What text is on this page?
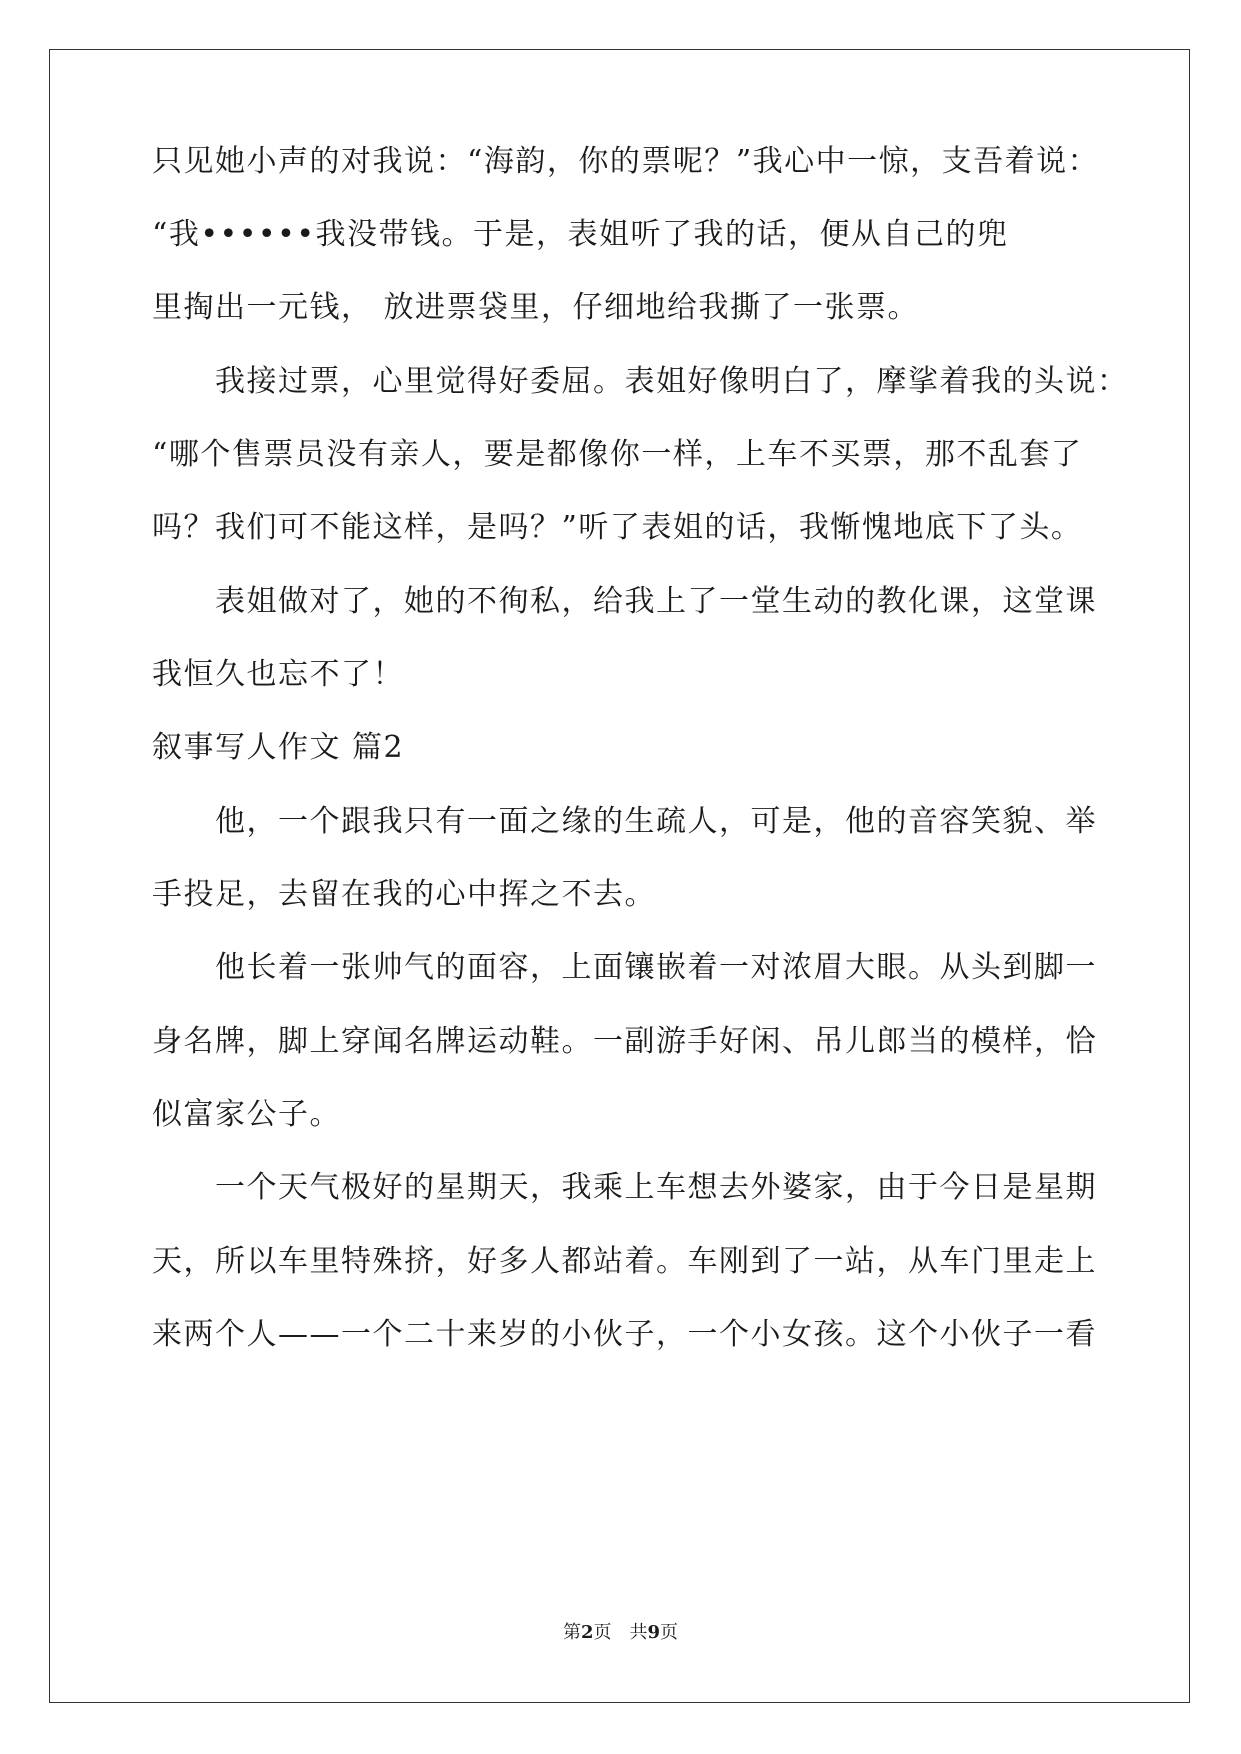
只见她小声的对我说：“海韵，你的票呢？”我心中一惊，支吾着说：
“我••••••我没带钱。于是，表姐听了我的话，便从自己的兜
里掏出一元钱， 放进票袋里，仔细地给我撕了一张票。
　　我接过票，心里觉得好委屈。表姐好像明白了，摩挲着我的头说：
“哪个售票员没有亲人，要是都像你一样，上车不买票，那不乱套了
吗？我们可不能这样，是吗？”听了表姐的话，我惭愧地底下了头。
　　表姐做对了，她的不徇私，给我上了一堂生动的教化课，这堂课
我恒久也忘不了！
叙事写人作文 篇2
　　他，一个跟我只有一面之缘的生疏人，可是，他的音容笑貌、举
手投足，去留在我的心中挥之不去。
　　他长着一张帅气的面容，上面镶嵌着一对浓眉大眼。从头到脚一
身名牌，脚上穿闻名牌运动鞋。一副游手好闲、吊儿郎当的模样，恰
似富家公子。
　　一个天气极好的星期天，我乘上车想去外婆家，由于今日是星期
天，所以车里特殊挤，好多人都站着。车刚到了一站，从车门里走上
来两个人——一个二十来岁的小伙子，一个小女孩。这个小伙子一看
第2页　共9页
